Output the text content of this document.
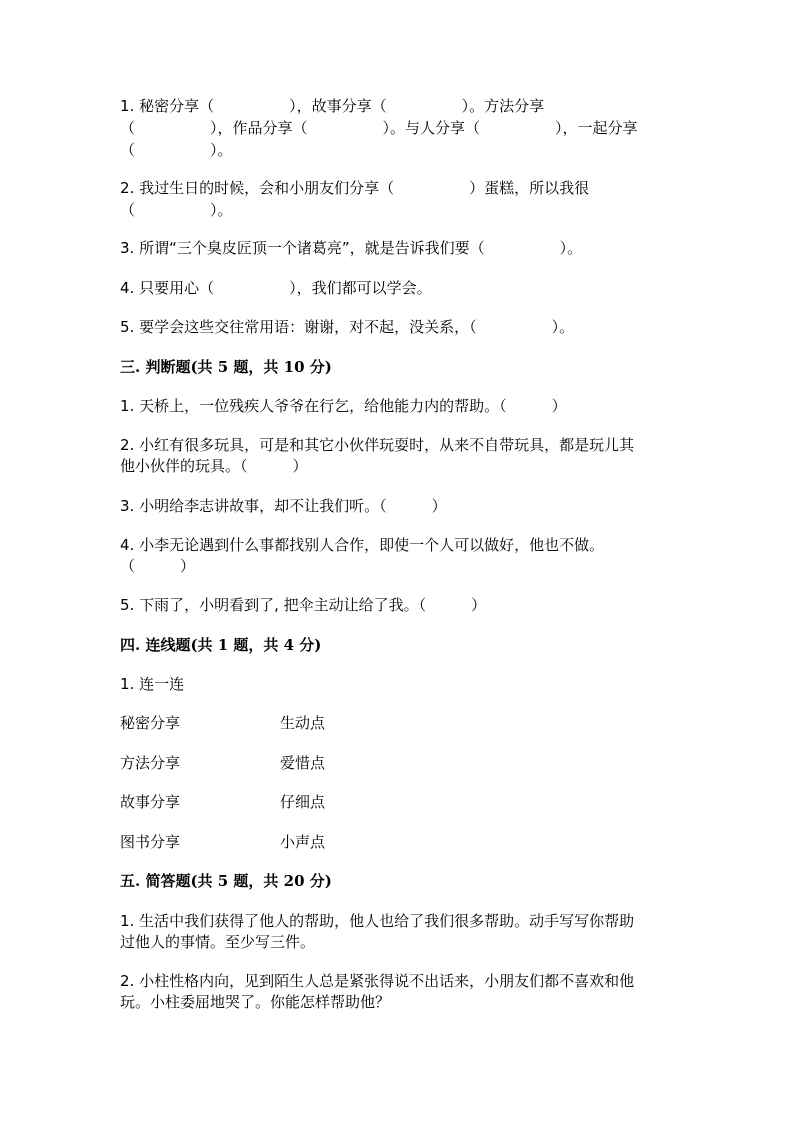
1. 秘密分享（　　　　　），故事分享（　　　　　）。方法分享

（　　　　　），作品分享（　　　　　）。与人分享（　　　　　），一起分享

（　　　　　）。

2. 我过生日的时候，会和小朋友们分享（　　　　　）蛋糕，所以我很

（　　　　　）。

3. 所谓“三个臭皮匠顶一个诸葛亮”，就是告诉我们要（　　　　　）。

4. 只要用心（　　　　　），我们都可以学会。

5. 要学会这些交往常用语：谢谢，对不起，没关系，（　　　　　）。

三. 判断题(共 5 题，共 10 分)

1. 天桥上，一位残疾人爷爷在行乞，给他能力内的帮助。（　　　）

2. 小红有很多玩具，可是和其它小伙伴玩耍时，从来不自带玩具，都是玩儿其

他小伙伴的玩具。（　　　）

3. 小明给李志讲故事，却不让我们听。（　　　）

4. 小李无论遇到什么事都找别人合作，即使一个人可以做好，他也不做。

（　　　）

5. 下雨了，小明看到了, 把伞主动让给了我。（　　　）

四. 连线题(共 1 题，共 4 分)

1. 连一连

秘密分享	生动点
方法分享	爱惜点
故事分享	仔细点
图书分享	小声点

五. 简答题(共 5 题，共 20 分)

1. 生活中我们获得了他人的帮助，他人也给了我们很多帮助。动手写写你帮助

过他人的事情。至少写三件。

2. 小柱性格内向，见到陌生人总是紧张得说不出话来，小朋友们都不喜欢和他

玩。小柱委屈地哭了。你能怎样帮助他？
